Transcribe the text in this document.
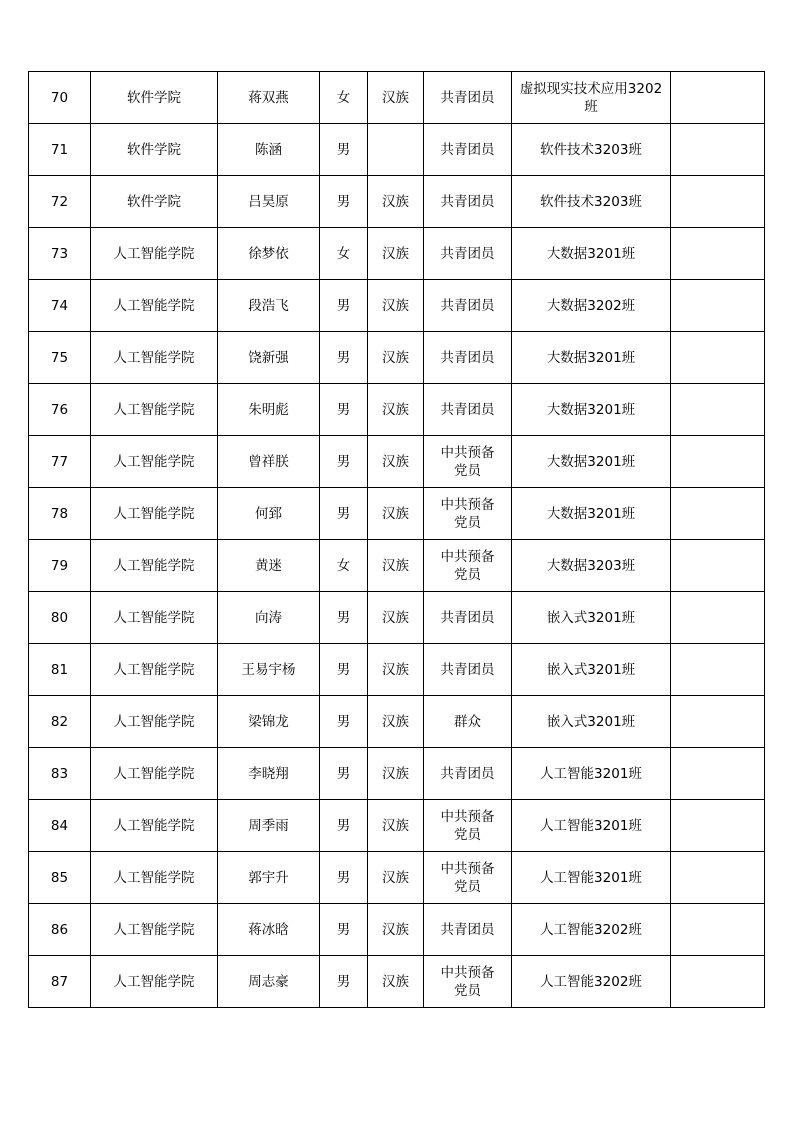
70	软件学院	蒋双燕	女	汉族	共青团员	虚拟现实技术应用3202班	
71	软件学院	陈涵	男		共青团员	软件技术3203班	
72	软件学院	吕昊原	男	汉族	共青团员	软件技术3203班	
73	人工智能学院	徐梦依	女	汉族	共青团员	大数据3201班	
74	人工智能学院	段浩飞	男	汉族	共青团员	大数据3202班	
75	人工智能学院	饶新强	男	汉族	共青团员	大数据3201班	
76	人工智能学院	朱明彪	男	汉族	共青团员	大数据3201班	
77	人工智能学院	曾祥朕	男	汉族	中共预备党员	大数据3201班	
78	人工智能学院	何郅	男	汉族	中共预备党员	大数据3201班	
79	人工智能学院	黄迷	女	汉族	中共预备党员	大数据3203班	
80	人工智能学院	向涛	男	汉族	共青团员	嵌入式3201班	
81	人工智能学院	王易宇杨	男	汉族	共青团员	嵌入式3201班	
82	人工智能学院	梁锦龙	男	汉族	群众	嵌入式3201班	
83	人工智能学院	李晓翔	男	汉族	共青团员	人工智能3201班	
84	人工智能学院	周季雨	男	汉族	中共预备党员	人工智能3201班	
85	人工智能学院	郭宇升	男	汉族	中共预备党员	人工智能3201班	
86	人工智能学院	蒋冰晗	男	汉族	共青团员	人工智能3202班	
87	人工智能学院	周志豪	男	汉族	中共预备党员	人工智能3202班	
